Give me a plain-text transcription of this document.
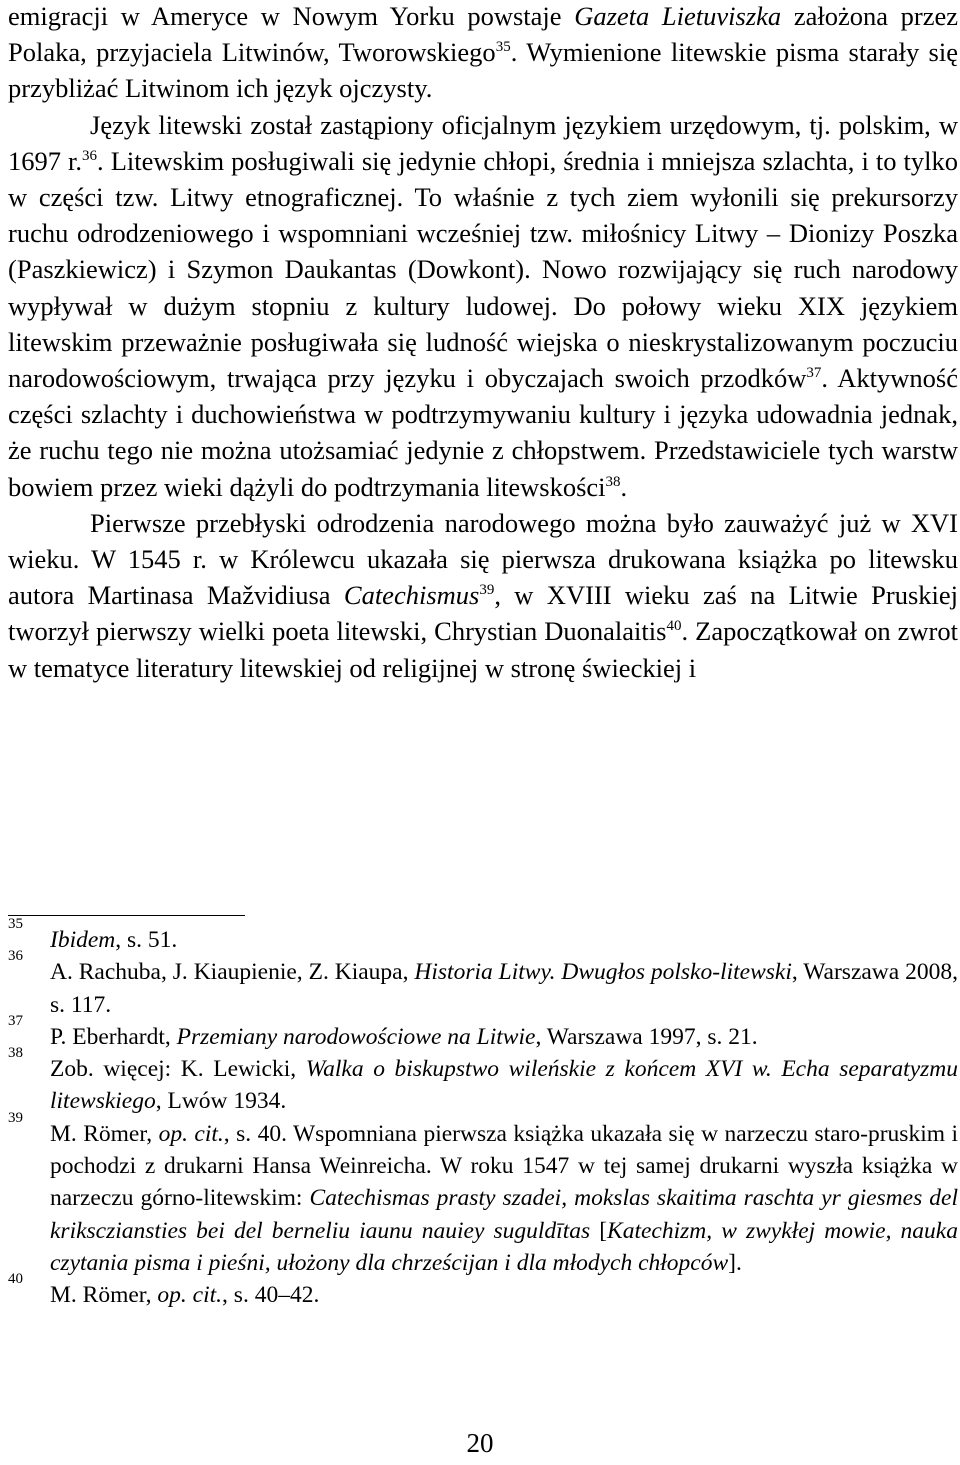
emigracji w Ameryce w Nowym Yorku powstaje Gazeta Lietuviszka założona przez Polaka, przyjaciela Litwinów, Tworowskiego$^{35}$. Wymienione litewskie pisma starały się przybliżać Litwinom ich język ojczysty.

Język litewski został zastąpiony oficjalnym językiem urzędowym, tj. polskim, w 1697 r.$^{36}$. Litewskim posługiwali się jedynie chłopi, średnia i mniejsza szlachta, i to tylko w części tzw. Litwy etnograficznej. To właśnie z tych ziem wyłonili się prekursorzy ruchu odrodzeniowego i wspomniani wcześniej tzw. miłośnicy Litwy – Dionizy Poszka (Paszkiewicz) i Szymon Daukantas (Dowkont). Nowo rozwijający się ruch narodowy wypływał w dużym stopniu z kultury ludowej. Do połowy wieku XIX językiem litewskim przeważnie posługiwała się ludność wiejska o nieskrystalizowanym poczuciu narodowościowym, trwająca przy języku i obyczajach swoich przodków$^{37}$. Aktywność części szlachty i duchowieństwa w podtrzymywaniu kultury i języka udowadnia jednak, że ruchu tego nie można utożsamiać jedynie z chłopstwem. Przedstawiciele tych warstw bowiem przez wieki dążyli do podtrzymania litewskości$^{38}$.

Pierwsze przebłyski odrodzenia narodowego można było zauważyć już w XVI wieku. W 1545 r. w Królewcu ukazała się pierwsza drukowana książka po litewsku autora Martinasa Mažvidiusa Catechismus$^{39}$, w XVIII wieku zaś na Litwie Pruskiej tworzył pierwszy wielki poeta litewski, Chrystian Duonalaitis$^{40}$. Zapoczątkował on zwrot w tematyce literatury litewskiej od religijnej w stronę świeckiej i

35
Ibidem, s. 51.
36
A. Rachuba, J. Kiaupienie, Z. Kiaupa, Historia Litwy. Dwugłos polsko-litewski, Warszawa 2008, s. 117.
37
P. Eberhardt, Przemiany narodowościowe na Litwie, Warszawa 1997, s. 21.
38
Zob. więcej: K. Lewicki, Walka o biskupstwo wileńskie z końcem XVI w. Echa separatyzmu litewskiego, Lwów 1934.
39
M. Römer, op. cit., s. 40. Wspomniana pierwsza książka ukazała się w narzeczu staro-pruskim i pochodzi z drukarni Hansa Weinreicha. W roku 1547 w tej samej drukarni wyszła książka w narzeczu górno-litewskim: Catechismas prasty szadei, mokslas skaitima raschta yr giesmes del krikscziansties bei del berneliu iaunu nauiey suguldītas [Katechizm, w zwykłej mowie, nauka czytania pisma i pieśni, ułożony dla chrześcijan i dla młodych chłopców].
40
M. Römer, op. cit., s. 40–42.
20
